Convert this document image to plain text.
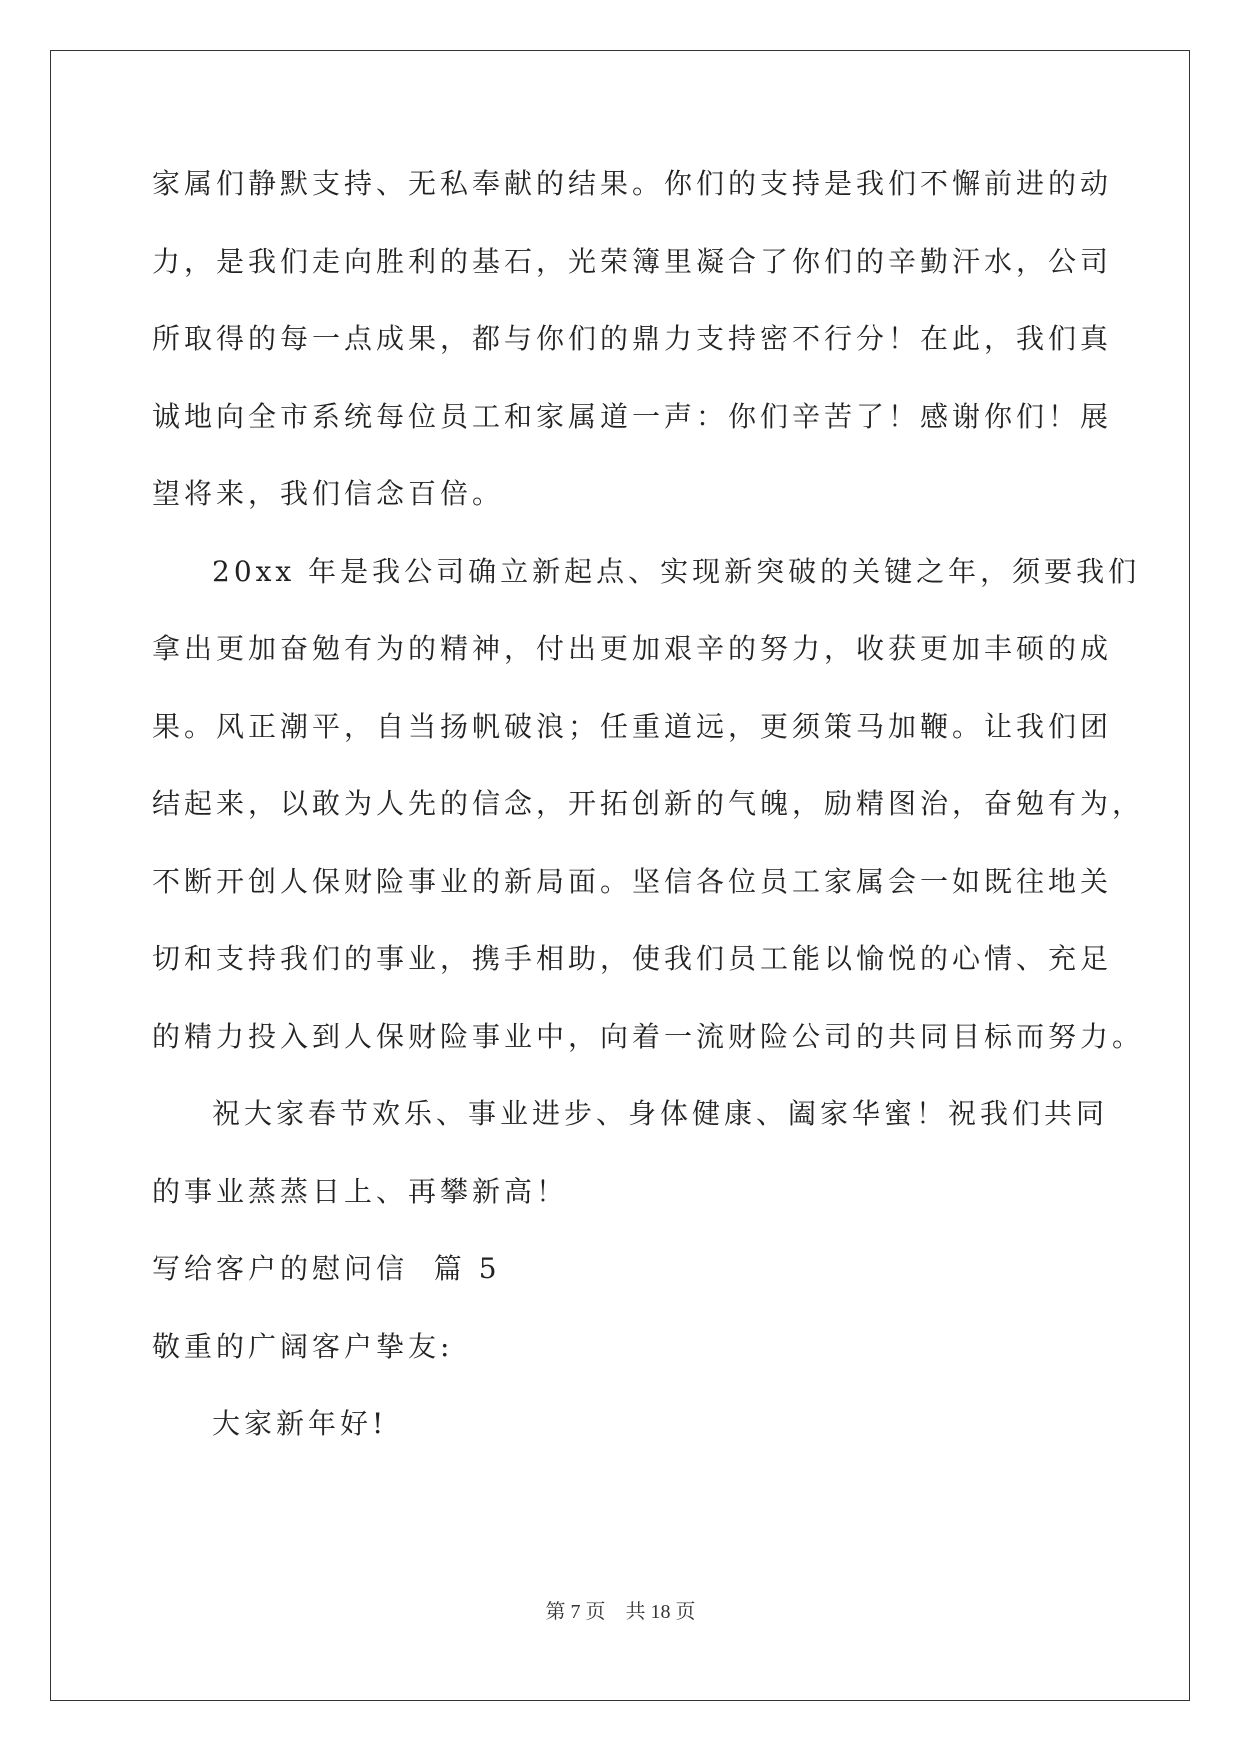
家属们静默支持、无私奉献的结果。你们的支持是我们不懈前进的动
力，是我们走向胜利的基石，光荣簿里凝合了你们的辛勤汗水，公司
所取得的每一点成果，都与你们的鼎力支持密不行分！在此，我们真
诚地向全市系统每位员工和家属道一声：你们辛苦了！感谢你们！展
望将来，我们信念百倍。
20xx 年是我公司确立新起点、实现新突破的关键之年，须要我们
拿出更加奋勉有为的精神，付出更加艰辛的努力，收获更加丰硕的成
果。风正潮平，自当扬帆破浪；任重道远，更须策马加鞭。让我们团
结起来，以敢为人先的信念，开拓创新的气魄，励精图治，奋勉有为，
不断开创人保财险事业的新局面。坚信各位员工家属会一如既往地关
切和支持我们的事业，携手相助，使我们员工能以愉悦的心情、充足
的精力投入到人保财险事业中，向着一流财险公司的共同目标而努力。
祝大家春节欢乐、事业进步、身体健康、阖家华蜜！祝我们共同
的事业蒸蒸日上、再攀新高！
写给客户的慰问信  篇 5
敬重的广阔客户挚友:
大家新年好!
第 7 页    共 18 页
